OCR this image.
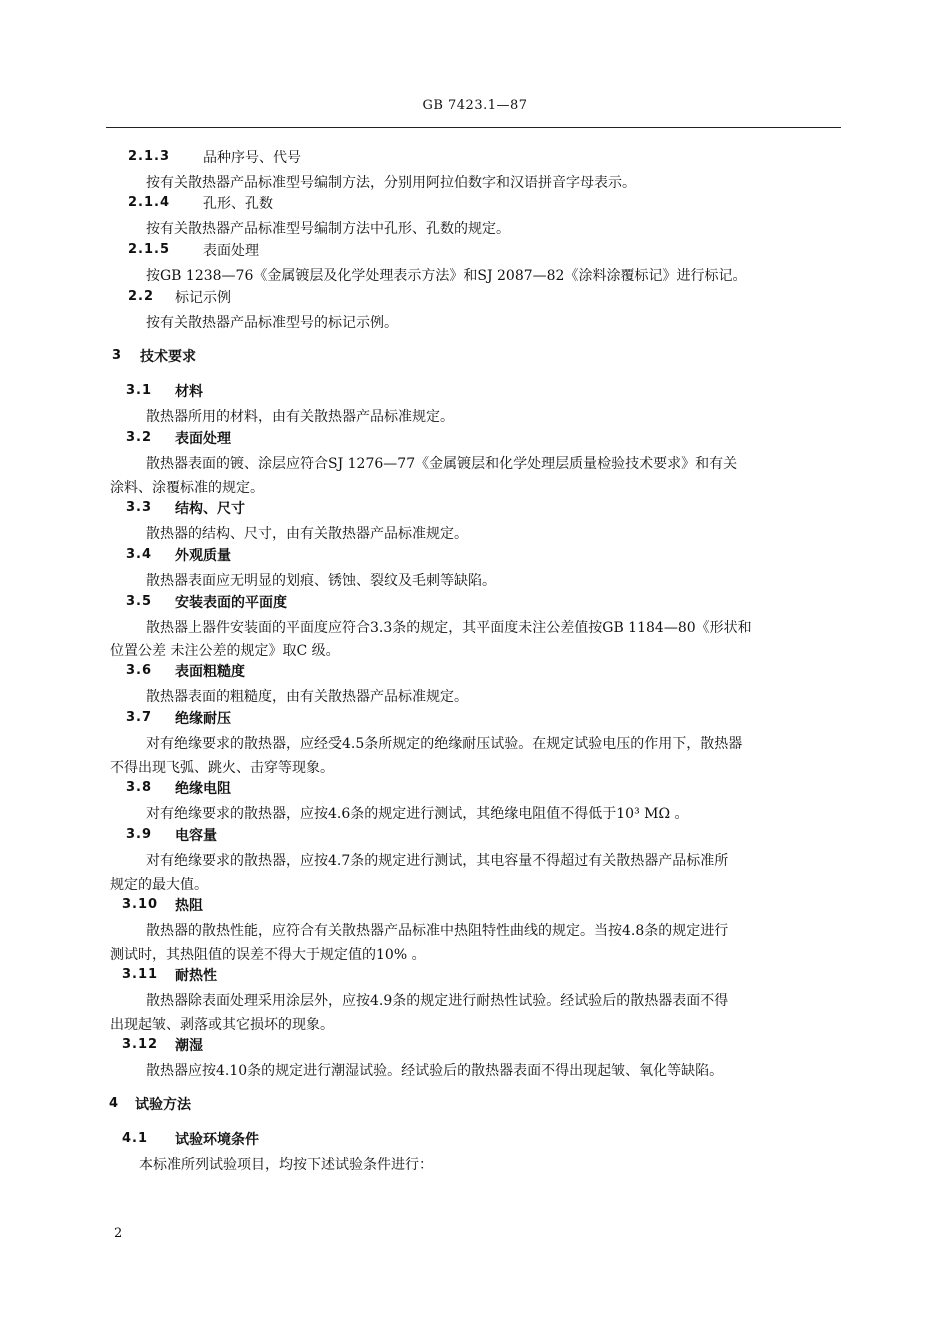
GB 7423.1—87
2.1.3 品种序号、代号
按有关散热器产品标准型号编制方法，分别用阿拉伯数字和汉语拼音字母表示。
2.1.4 孔形、孔数
按有关散热器产品标准型号编制方法中孔形、孔数的规定。
2.1.5 表面处理
按GB 1238—76《金属镀层及化学处理表示方法》和SJ 2087—82《涂料涂覆标记》进行标记。
2.2 标记示例
按有关散热器产品标准型号的标记示例。
3 技术要求
3.1 材料
散热器所用的材料，由有关散热器产品标准规定。
3.2 表面处理
散热器表面的镀、涂层应符合SJ 1276—77《金属镀层和化学处理层质量检验技术要求》和有关
涂料、涂覆标准的规定。
3.3 结构、尺寸
散热器的结构、尺寸，由有关散热器产品标准规定。
3.4 外观质量
散热器表面应无明显的划痕、锈蚀、裂纹及毛刺等缺陷。
3.5 安装表面的平面度
散热器上器件安装面的平面度应符合3.3条的规定，其平面度未注公差值按GB 1184—80《形状和
位置公差 未注公差的规定》取C 级。
3.6 表面粗糙度
散热器表面的粗糙度，由有关散热器产品标准规定。
3.7 绝缘耐压
对有绝缘要求的散热器，应经受4.5条所规定的绝缘耐压试验。在规定试验电压的作用下，散热器
不得出现飞弧、跳火、击穿等现象。
3.8 绝缘电阻
对有绝缘要求的散热器，应按4.6条的规定进行测试，其绝缘电阻值不得低于10³ MΩ 。
3.9 电容量
对有绝缘要求的散热器，应按4.7条的规定进行测试，其电容量不得超过有关散热器产品标准所
规定的最大值。
3.10 热阻
散热器的散热性能，应符合有关散热器产品标准中热阻特性曲线的规定。当按4.8条的规定进行
测试时，其热阻值的误差不得大于规定值的10% 。
3.11 耐热性
散热器除表面处理采用涂层外，应按4.9条的规定进行耐热性试验。经试验后的散热器表面不得
出现起皱、剥落或其它损坏的现象。
3.12 潮湿
散热器应按4.10条的规定进行潮湿试验。经试验后的散热器表面不得出现起皱、氧化等缺陷。
4 试验方法
4.1 试验环境条件
本标准所列试验项目，均按下述试验条件进行：
2
